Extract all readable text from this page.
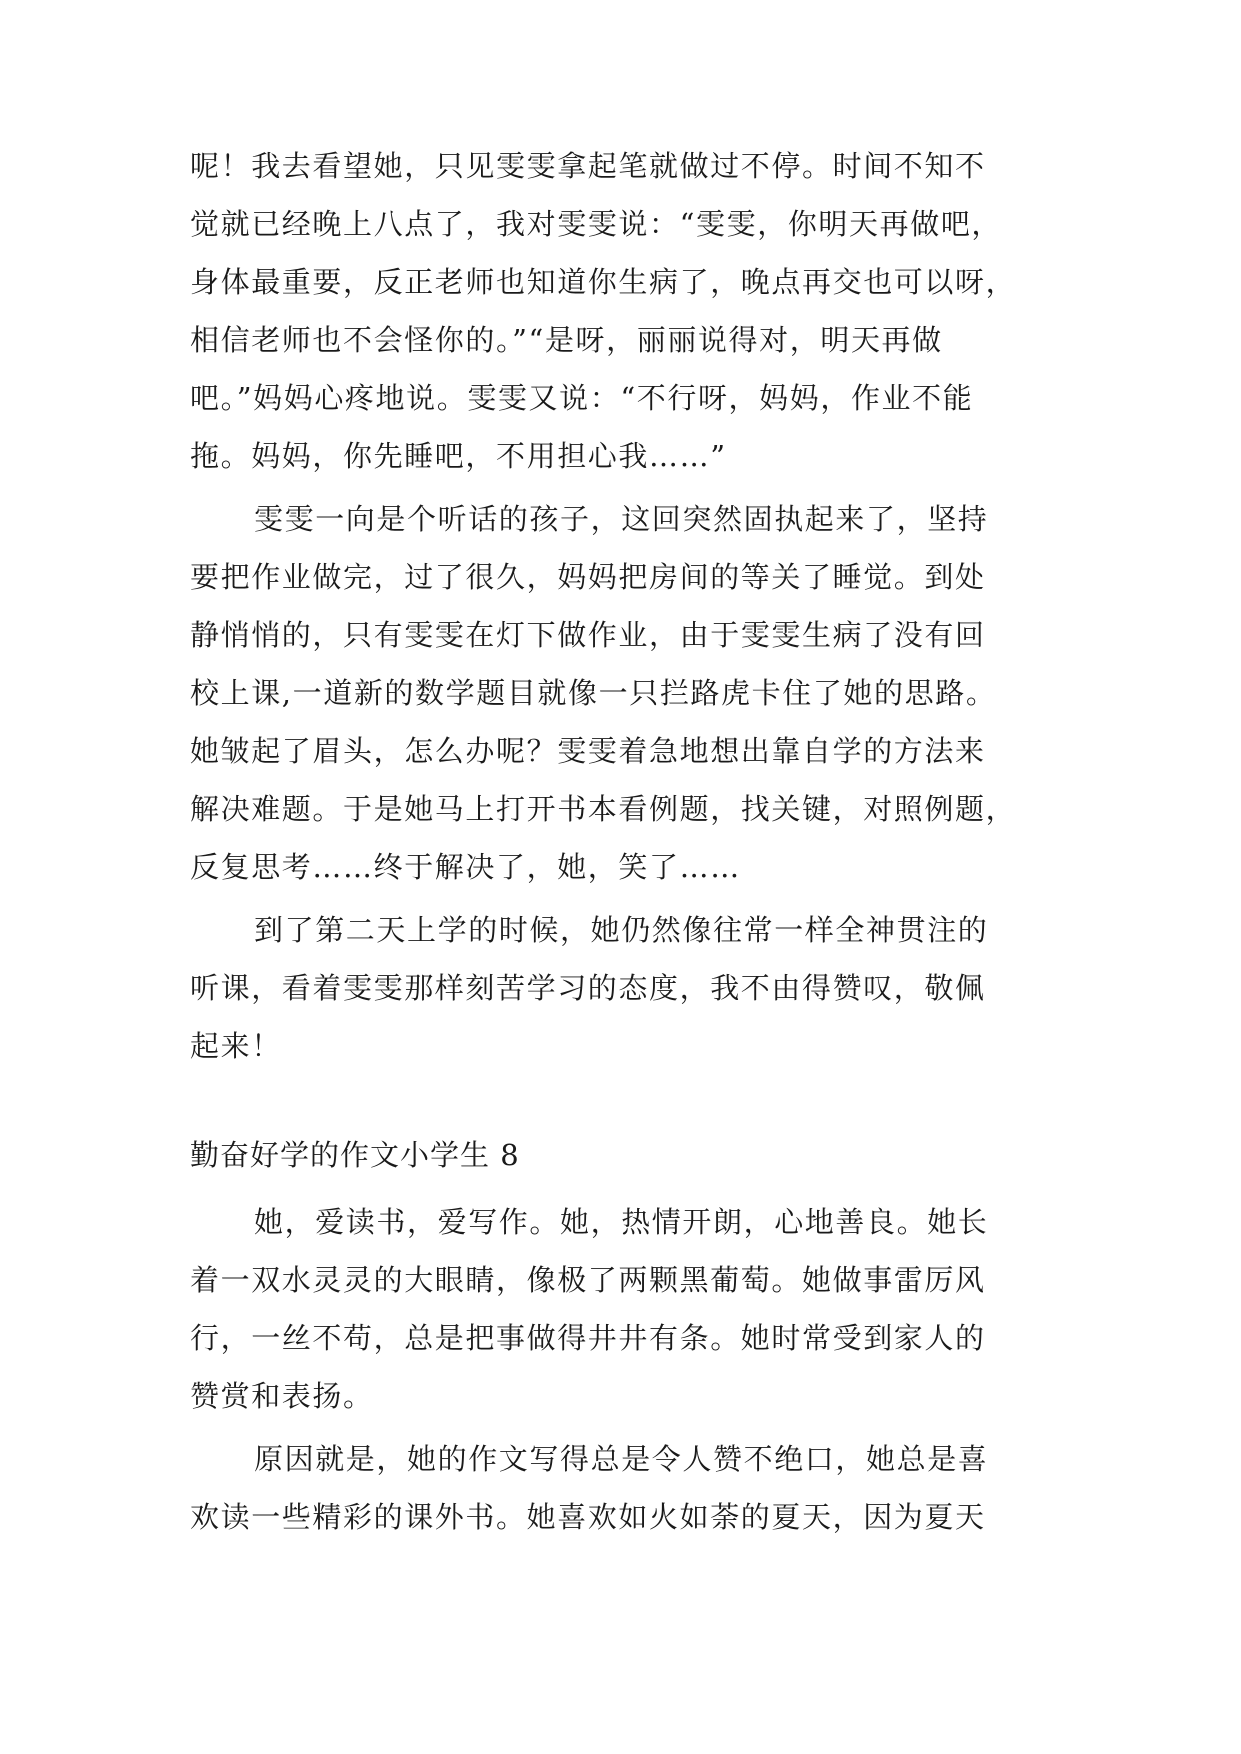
呢！我去看望她，只见雯雯拿起笔就做过不停。时间不知不
觉就已经晚上八点了，我对雯雯说：“雯雯，你明天再做吧，
身体最重要，反正老师也知道你生病了，晚点再交也可以呀，
相信老师也不会怪你的。”“是呀，丽丽说得对，明天再做
吧。”妈妈心疼地说。雯雯又说：“不行呀，妈妈，作业不能
拖。妈妈，你先睡吧，不用担心我……”
雯雯一向是个听话的孩子，这回突然固执起来了，坚持
要把作业做完，过了很久，妈妈把房间的等关了睡觉。到处
静悄悄的，只有雯雯在灯下做作业，由于雯雯生病了没有回
校上课,一道新的数学题目就像一只拦路虎卡住了她的思路。
她皱起了眉头，怎么办呢？雯雯着急地想出靠自学的方法来
解决难题。于是她马上打开书本看例题，找关键，对照例题，
反复思考……终于解决了，她，笑了……
到了第二天上学的时候，她仍然像往常一样全神贯注的
听课，看着雯雯那样刻苦学习的态度，我不由得赞叹，敬佩
起来！
勤奋好学的作文小学生 8
她，爱读书，爱写作。她，热情开朗，心地善良。她长
着一双水灵灵的大眼睛，像极了两颗黑葡萄。她做事雷厉风
行，一丝不苟，总是把事做得井井有条。她时常受到家人的
赞赏和表扬。
原因就是，她的作文写得总是令人赞不绝口，她总是喜
欢读一些精彩的课外书。她喜欢如火如荼的夏天，因为夏天
